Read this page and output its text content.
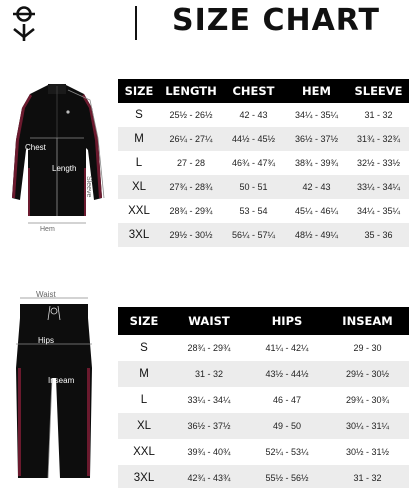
SIZE CHART
Chest
Length
Sleeve
Hem
Waist
Hips
Inseam
SIZE	LENGTH	CHEST	HEM	SLEEVE
S	25½ - 26½	42 - 43	34¼ - 35¼	31 - 32
M	26¼ - 27¼	44½ - 45½	36½ - 37½	31¾ - 32¾
L	27 - 28	46¾ - 47¾	38¾ - 39¾	32½ - 33½
XL	27¾ - 28¾	50 - 51	42 - 43	33¼ - 34¼
XXL	28¾ - 29¾	53 - 54	45¼ - 46¼	34¼ - 35¼
3XL	29½ - 30½	56¼ - 57¼	48½ - 49¼	35 - 36
SIZE	WAIST	HIPS	INSEAM
S	28¾ - 29¾	41¼ - 42¼	29 - 30
M	31 - 32	43½ - 44½	29½ - 30½
L	33¼ - 34¼	46 - 47	29¾ - 30¾
XL	36½ - 37½	49 - 50	30¼ - 31¼
XXL	39¾ - 40¾	52¼ - 53¼	30½ - 31½
3XL	42¾ - 43¾	55½ - 56½	31 - 32
